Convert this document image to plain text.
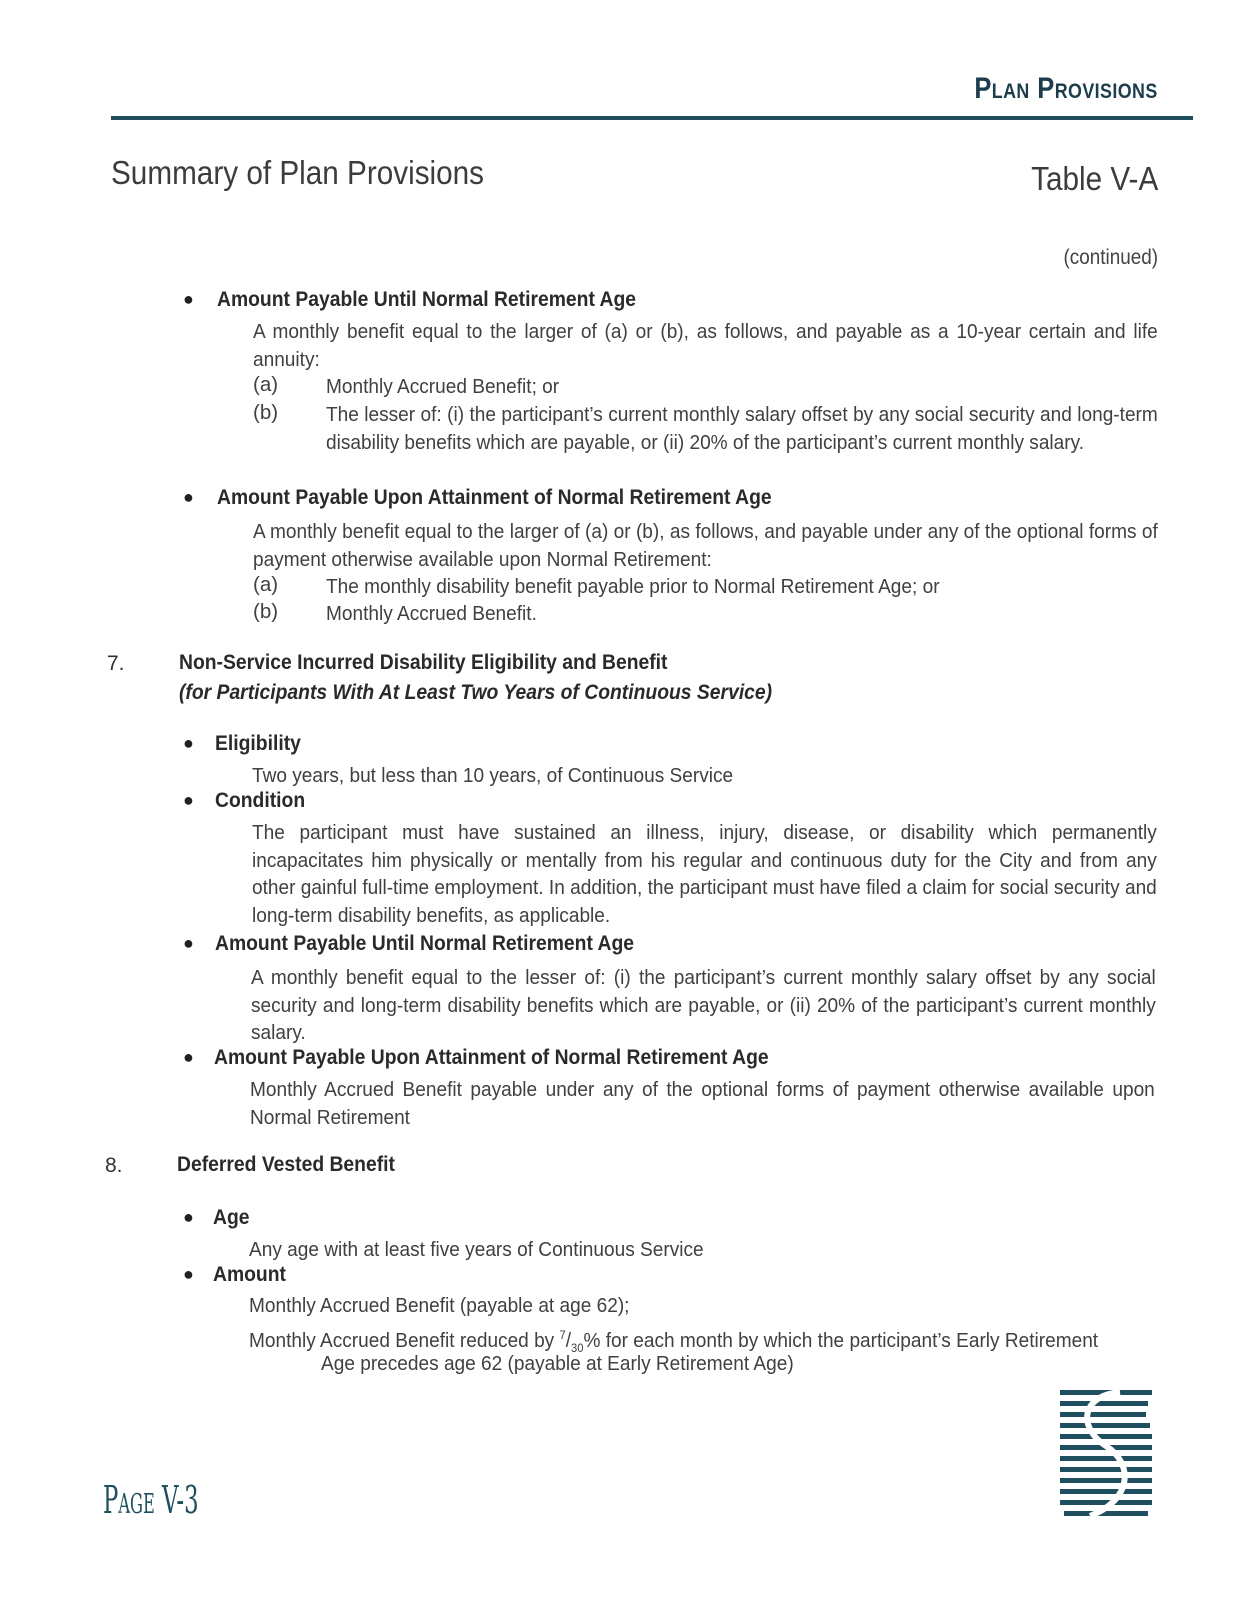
Plan Provisions
Summary of Plan Provisions	Table V-A
(continued)
● Amount Payable Until Normal Retirement Age
A monthly benefit equal to the larger of (a) or (b), as follows, and payable as a 10-year certain and life annuity:
(a) Monthly Accrued Benefit; or
(b) The lesser of: (i) the participant’s current monthly salary offset by any social security and long-term disability benefits which are payable, or (ii) 20% of the participant’s current monthly salary.
● Amount Payable Upon Attainment of Normal Retirement Age
A monthly benefit equal to the larger of (a) or (b), as follows, and payable under any of the optional forms of payment otherwise available upon Normal Retirement:
(a) The monthly disability benefit payable prior to Normal Retirement Age; or
(b) Monthly Accrued Benefit.
7.	Non-Service Incurred Disability Eligibility and Benefit
(for Participants With At Least Two Years of Continuous Service)
● Eligibility
Two years, but less than 10 years, of Continuous Service
● Condition
The participant must have sustained an illness, injury, disease, or disability which permanently incapacitates him physically or mentally from his regular and continuous duty for the City and from any other gainful full-time employment. In addition, the participant must have filed a claim for social security and long-term disability benefits, as applicable.
● Amount Payable Until Normal Retirement Age
A monthly benefit equal to the lesser of: (i) the participant’s current monthly salary offset by any social security and long-term disability benefits which are payable, or (ii) 20% of the participant’s current monthly salary.
● Amount Payable Upon Attainment of Normal Retirement Age
Monthly Accrued Benefit payable under any of the optional forms of payment otherwise available upon Normal Retirement
8.	Deferred Vested Benefit
● Age
Any age with at least five years of Continuous Service
● Amount
Monthly Accrued Benefit (payable at age 62);
Monthly Accrued Benefit reduced by $^7/_{30}\%$ for each month by which the participant’s Early Retirement
Age precedes age 62 (payable at Early Retirement Age)
Page V-3
